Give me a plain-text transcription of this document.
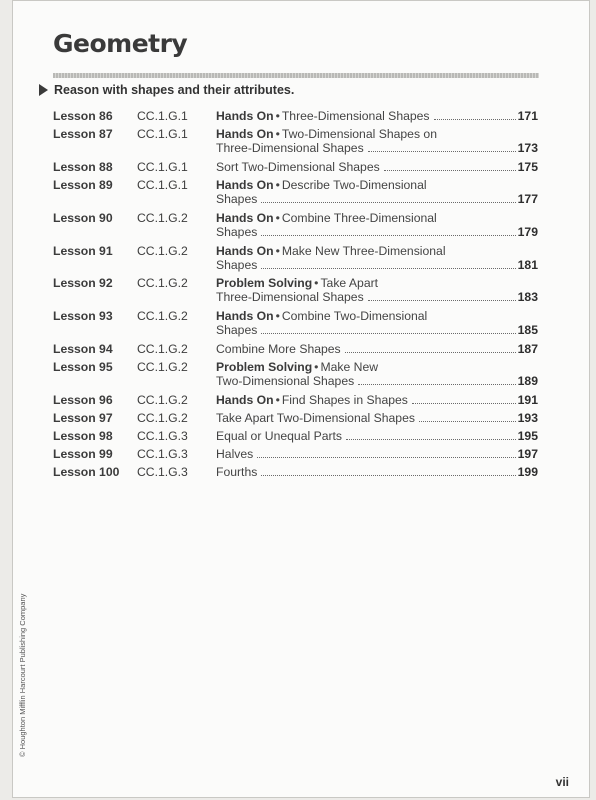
Geometry
Reason with shapes and their attributes.
Lesson 86 CC.1.G.1 Hands On • Three-Dimensional Shapes	171
Lesson 87 CC.1.G.1 Hands On • Two-Dimensional Shapes on
Three-Dimensional Shapes	173
Lesson 88 CC.1.G.1 Sort Two-Dimensional Shapes	175
Lesson 89 CC.1.G.1 Hands On • Describe Two-Dimensional
Shapes	177
Lesson 90 CC.1.G.2 Hands On • Combine Three-Dimensional
Shapes	179
Lesson 91 CC.1.G.2 Hands On • Make New Three-Dimensional
Shapes	181
Lesson 92 CC.1.G.2 Problem Solving • Take Apart
Three-Dimensional Shapes	183
Lesson 93 CC.1.G.2 Hands On • Combine Two-Dimensional
Shapes	185
Lesson 94 CC.1.G.2 Combine More Shapes	187
Lesson 95 CC.1.G.2 Problem Solving • Make New
Two-Dimensional Shapes	189
Lesson 96 CC.1.G.2 Hands On • Find Shapes in Shapes	191
Lesson 97 CC.1.G.2 Take Apart Two-Dimensional Shapes	193
Lesson 98 CC.1.G.3 Equal or Unequal Parts	195
Lesson 99 CC.1.G.3 Halves	197
Lesson 100 CC.1.G.3 Fourths	199
© Houghton Mifflin Harcourt Publishing Company
vii
